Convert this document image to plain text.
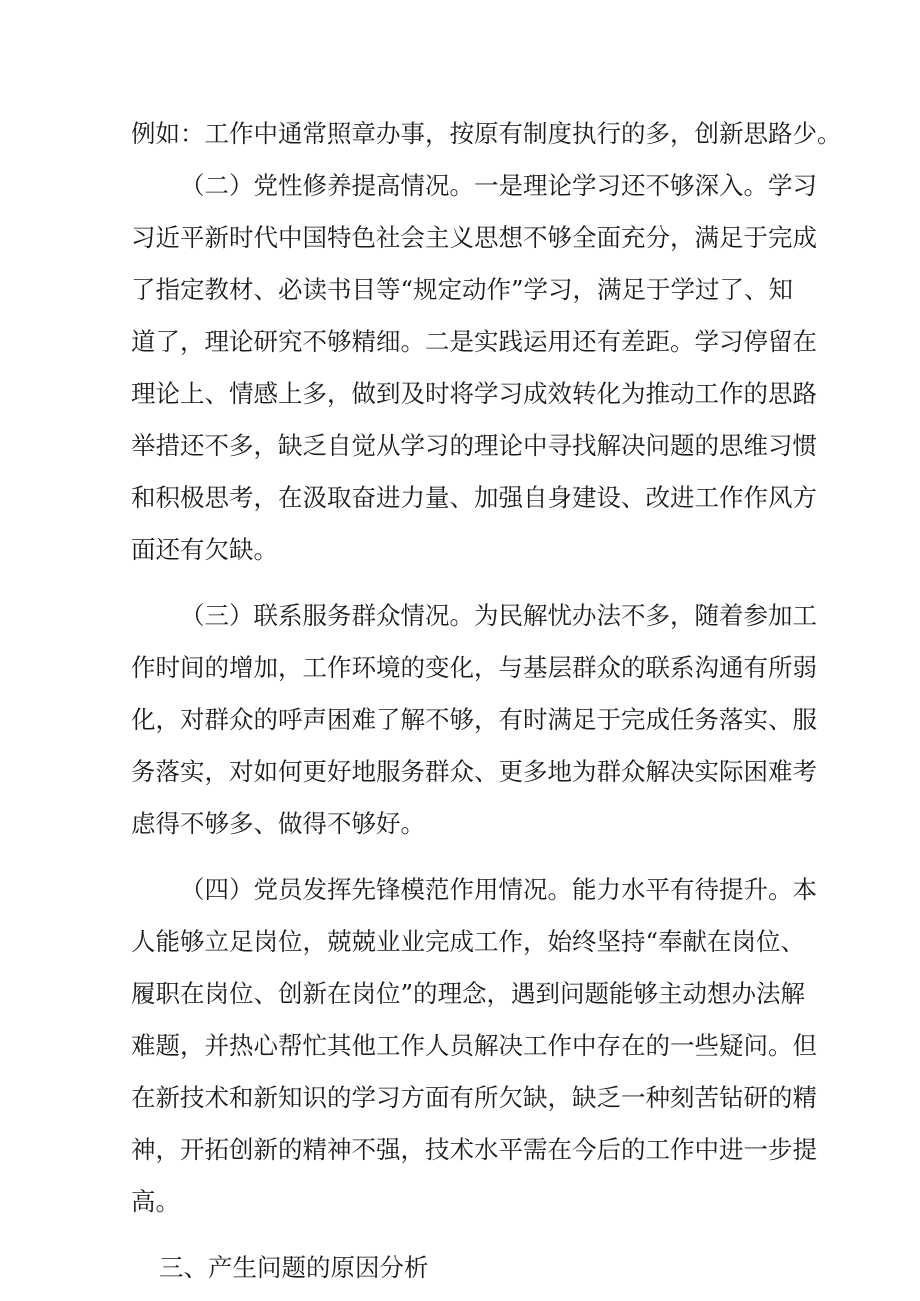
例如：工作中通常照章办事，按原有制度执行的多，创新思路少。
（二）党性修养提高情况。一是理论学习还不够深入。学习
习近平新时代中国特色社会主义思想不够全面充分，满足于完成
了指定教材、必读书目等“规定动作”学习，满足于学过了、知
道了，理论研究不够精细。二是实践运用还有差距。学习停留在
理论上、情感上多，做到及时将学习成效转化为推动工作的思路
举措还不多，缺乏自觉从学习的理论中寻找解决问题的思维习惯
和积极思考，在汲取奋进力量、加强自身建设、改进工作作风方
面还有欠缺。
（三）联系服务群众情况。为民解忧办法不多，随着参加工
作时间的增加，工作环境的变化，与基层群众的联系沟通有所弱
化，对群众的呼声困难了解不够，有时满足于完成任务落实、服
务落实，对如何更好地服务群众、更多地为群众解决实际困难考
虑得不够多、做得不够好。
（四）党员发挥先锋模范作用情况。能力水平有待提升。本
人能够立足岗位，兢兢业业完成工作，始终坚持“奉献在岗位、
履职在岗位、创新在岗位”的理念，遇到问题能够主动想办法解
难题，并热心帮忙其他工作人员解决工作中存在的一些疑问。但
在新技术和新知识的学习方面有所欠缺，缺乏一种刻苦钻研的精
神，开拓创新的精神不强，技术水平需在今后的工作中进一步提
高。
三、产生问题的原因分析
